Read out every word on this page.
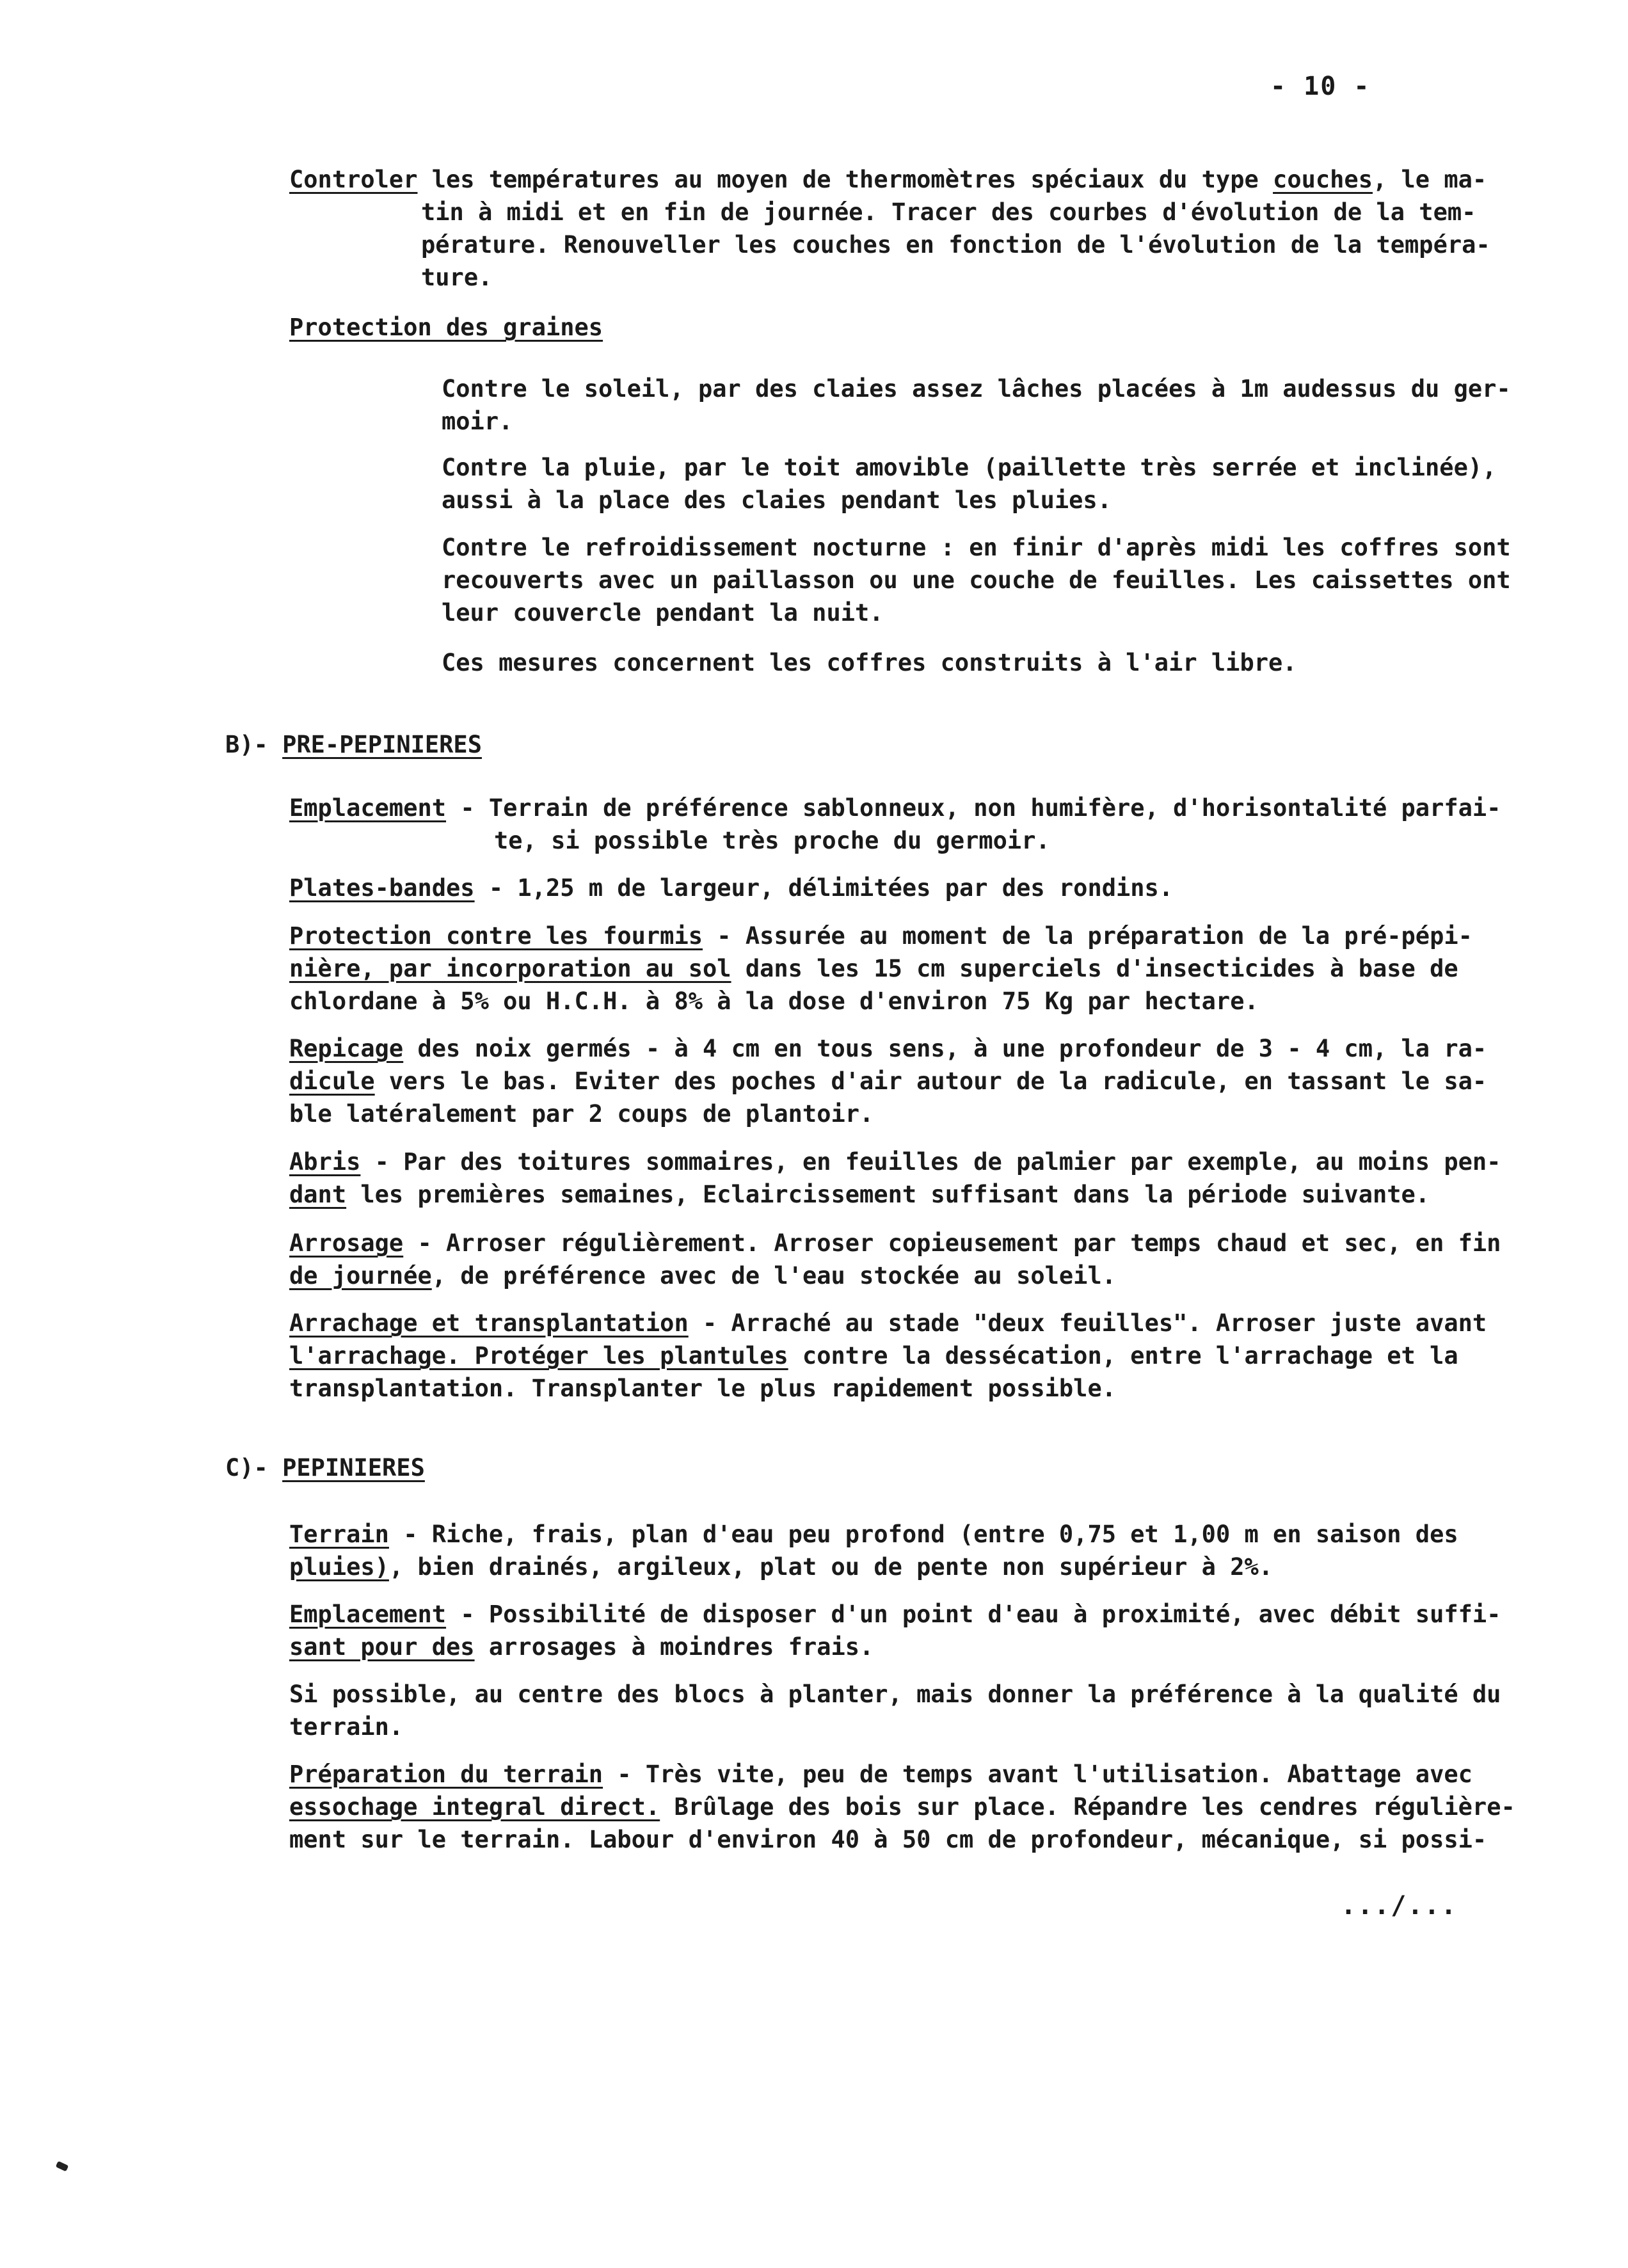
- 10 -
Controler les températures au moyen de thermomètres spéciaux du type couches, le ma-
tin à midi et en fin de journée. Tracer des courbes d'évolution de la tem-
pérature. Renouveller les couches en fonction de l'évolution de la tempéra-
ture.
Protection des graines
Contre le soleil, par des claies assez lâches placées à 1m audessus du ger-
moir.
Contre la pluie, par le toit amovible (paillette très serrée et inclinée),
aussi à la place des claies pendant les pluies.
Contre le refroidissement nocturne : en finir d'après midi les coffres sont
recouverts avec un paillasson ou une couche de feuilles. Les caissettes ont
leur couvercle pendant la nuit.
Ces mesures concernent les coffres construits à l'air libre.
B)- PRE-PEPINIERES
Emplacement - Terrain de préférence sablonneux, non humifère, d'horisontalité parfai-
te, si possible très proche du germoir.
Plates-bandes - 1,25 m de largeur, délimitées par des rondins.
Protection contre les fourmis - Assurée au moment de la préparation de la pré-pépi-
nière, par incorporation au sol dans les 15 cm superciels d'insecticides à base de
chlordane à 5% ou H.C.H. à 8% à la dose d'environ 75 Kg par hectare.
Repicage des noix germés - à 4 cm en tous sens, à une profondeur de 3 - 4 cm, la ra-
dicule vers le bas. Eviter des poches d'air autour de la radicule, en tassant le sa-
ble latéralement par 2 coups de plantoir.
Abris - Par des toitures sommaires, en feuilles de palmier par exemple, au moins pen-
dant les premières semaines, Eclaircissement suffisant dans la période suivante.
Arrosage - Arroser régulièrement. Arroser copieusement par temps chaud et sec, en fin
de journée, de préférence avec de l'eau stockée au soleil.
Arrachage et transplantation - Arraché au stade "deux feuilles". Arroser juste avant
l'arrachage. Protéger les plantules contre la dessécation, entre l'arrachage et la
transplantation. Transplanter le plus rapidement possible.
C)- PEPINIERES
Terrain - Riche, frais, plan d'eau peu profond (entre 0,75 et 1,00 m en saison des
pluies), bien drainés, argileux, plat ou de pente non supérieur à 2%.
Emplacement - Possibilité de disposer d'un point d'eau à proximité, avec débit suffi-
sant pour des arrosages à moindres frais.
Si possible, au centre des blocs à planter, mais donner la préférence à la qualité du
terrain.
Préparation du terrain - Très vite, peu de temps avant l'utilisation. Abattage avec
essochage integral direct. Brûlage des bois sur place. Répandre les cendres régulière-
ment sur le terrain. Labour d'environ 40 à 50 cm de profondeur, mécanique, si possi-
.../...
